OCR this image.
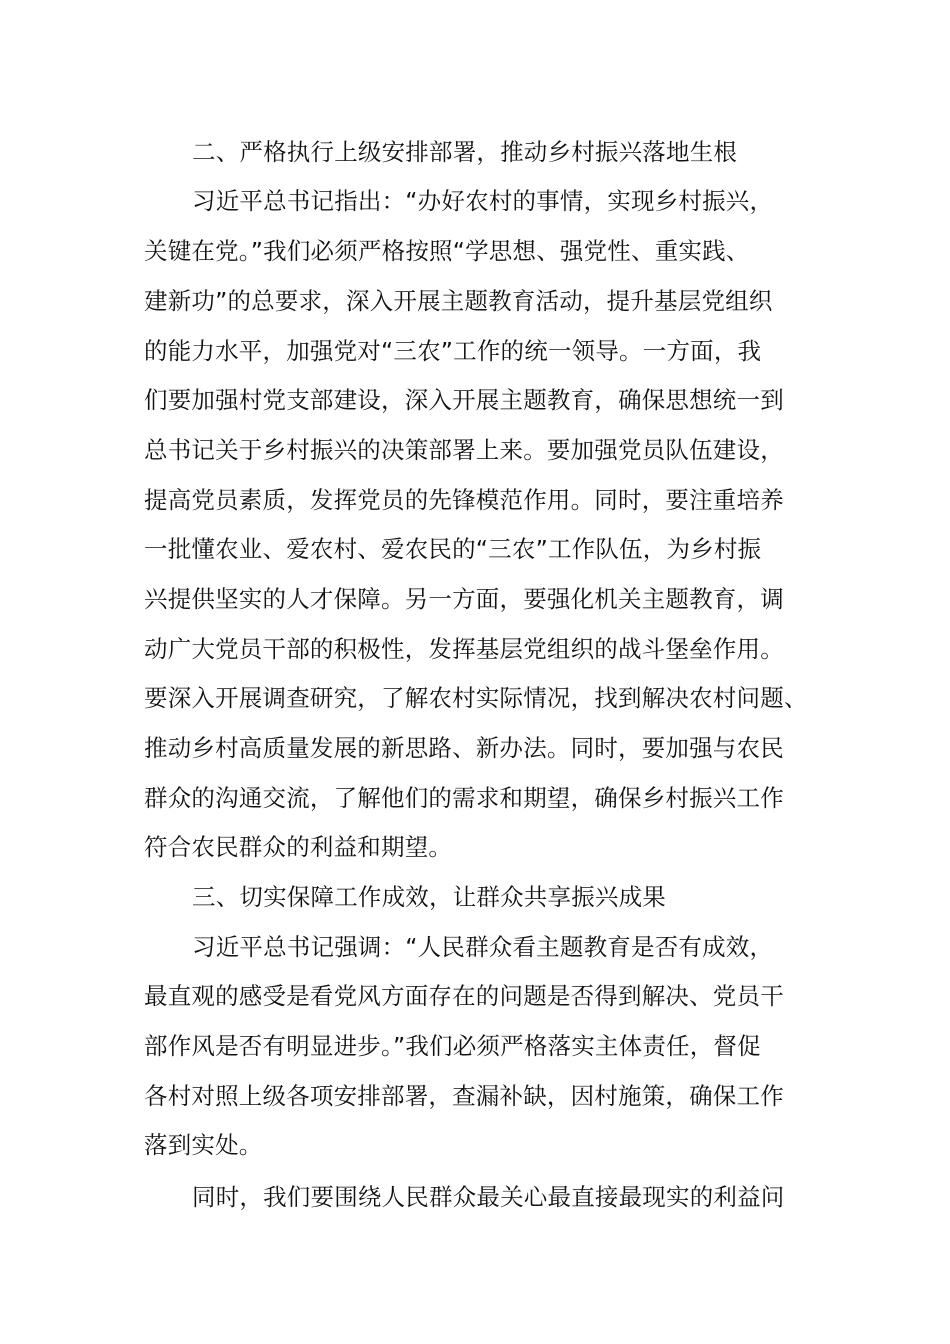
二、严格执行上级安排部署，推动乡村振兴落地生根
习近平总书记指出：“办好农村的事情，实现乡村振兴，
关键在党。”我们必须严格按照“学思想、强党性、重实践、
建新功”的总要求，深入开展主题教育活动，提升基层党组织
的能力水平，加强党对“三农”工作的统一领导。一方面，我
们要加强村党支部建设，深入开展主题教育，确保思想统一到
总书记关于乡村振兴的决策部署上来。要加强党员队伍建设，
提高党员素质，发挥党员的先锋模范作用。同时，要注重培养
一批懂农业、爱农村、爱农民的“三农”工作队伍，为乡村振
兴提供坚实的人才保障。另一方面，要强化机关主题教育，调
动广大党员干部的积极性，发挥基层党组织的战斗堡垒作用。
要深入开展调查研究，了解农村实际情况，找到解决农村问题、
推动乡村高质量发展的新思路、新办法。同时，要加强与农民
群众的沟通交流，了解他们的需求和期望，确保乡村振兴工作
符合农民群众的利益和期望。
三、切实保障工作成效，让群众共享振兴成果
习近平总书记强调：“人民群众看主题教育是否有成效，
最直观的感受是看党风方面存在的问题是否得到解决、党员干
部作风是否有明显进步。”我们必须严格落实主体责任，督促
各村对照上级各项安排部署，查漏补缺，因村施策，确保工作
落到实处。
同时，我们要围绕人民群众最关心最直接最现实的利益问
